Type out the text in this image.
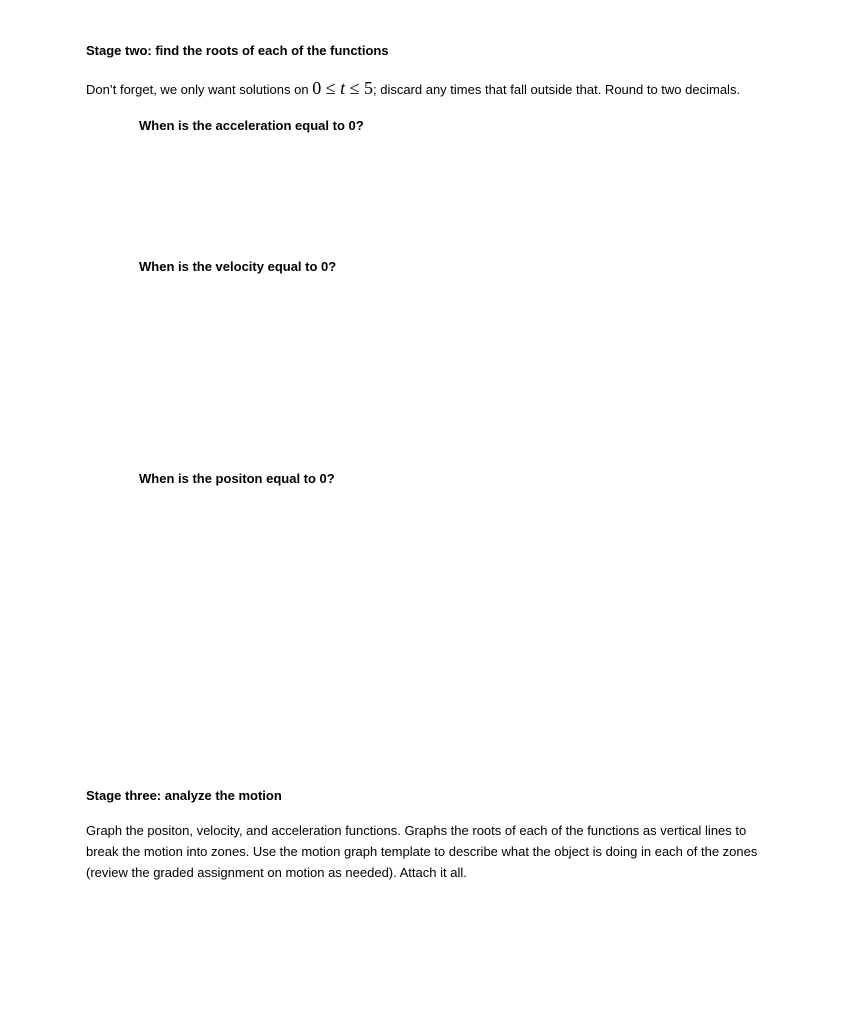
Stage two: find the roots of each of the functions
Don’t forget, we only want solutions on 0 ≤ t ≤ 5; discard any times that fall outside that. Round to two decimals.
When is the acceleration equal to 0?
When is the velocity equal to 0?
When is the positon equal to 0?
Stage three: analyze the motion
Graph the positon, velocity, and acceleration functions. Graphs the roots of each of the functions as vertical lines to break the motion into zones. Use the motion graph template to describe what the object is doing in each of the zones (review the graded assignment on motion as needed). Attach it all.
